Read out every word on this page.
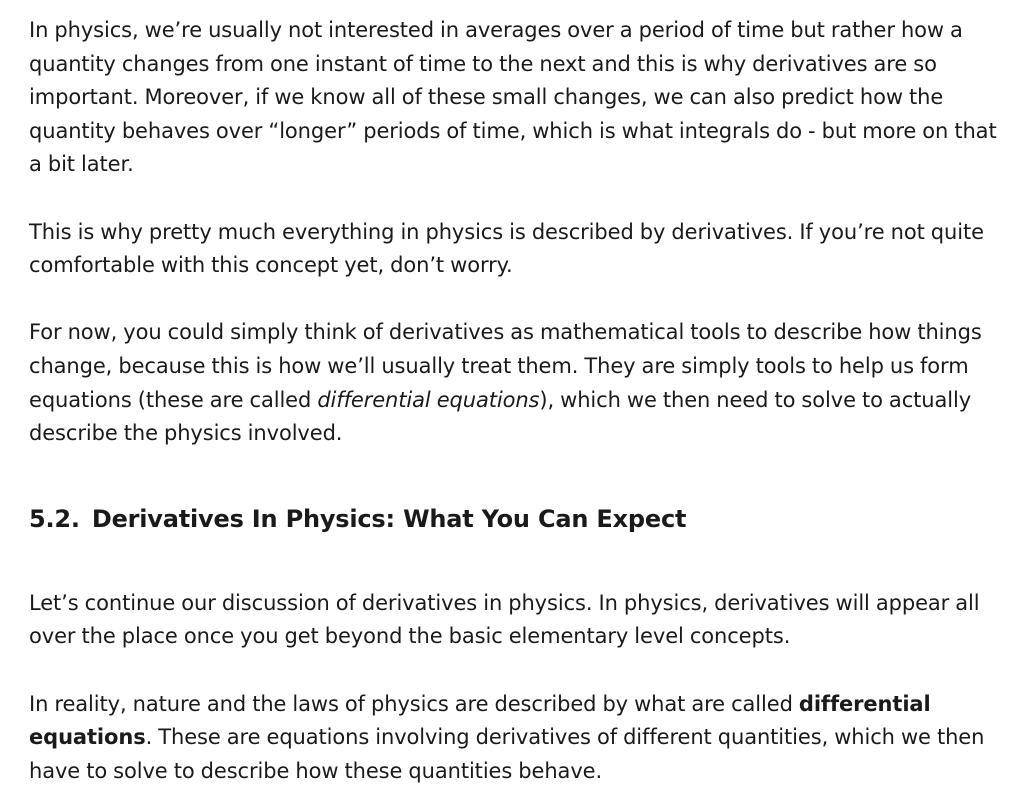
In physics, we’re usually not interested in averages over a period of time but rather how a quantity changes from one instant of time to the next and this is why derivatives are so important. Moreover, if we know all of these small changes, we can also predict how the quantity behaves over “longer” periods of time, which is what integrals do - but more on that a bit later.

This is why pretty much everything in physics is described by derivatives. If you’re not quite comfortable with this concept yet, don’t worry.

For now, you could simply think of derivatives as mathematical tools to describe how things change, because this is how we’ll usually treat them. They are simply tools to help us form equations (these are called differential equations), which we then need to solve to actually describe the physics involved.

5.2. Derivatives In Physics: What You Can Expect

Let’s continue our discussion of derivatives in physics. In physics, derivatives will appear all over the place once you get beyond the basic elementary level concepts.

In reality, nature and the laws of physics are described by what are called differential equations. These are equations involving derivatives of different quantities, which we then have to solve to describe how these quantities behave.
